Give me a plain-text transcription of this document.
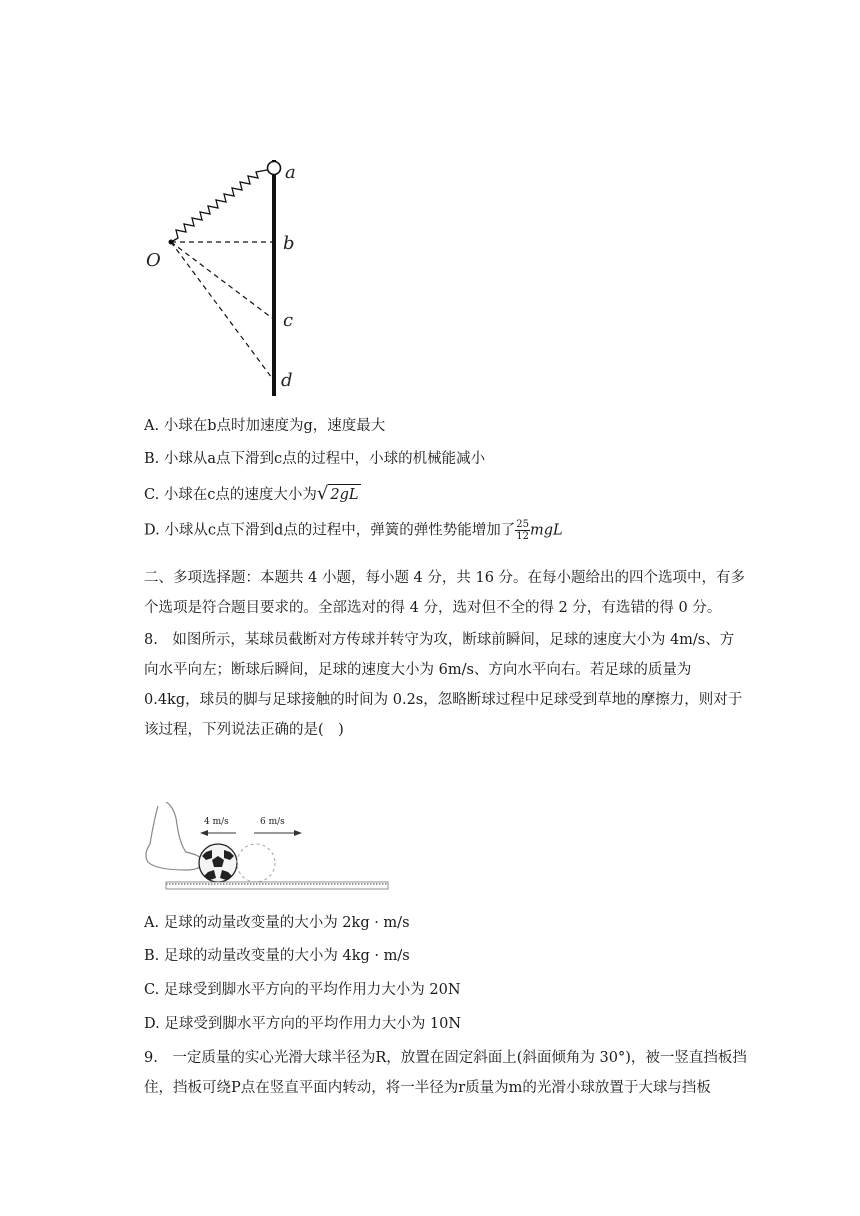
a
b
c
d
O
A. 小球在b点时加速度为g，速度最大
B. 小球从a点下滑到c点的过程中，小球的机械能减小
C. 小球在c点的速度大小为√ 2gL
D. 小球从c点下滑到d点的过程中，弹簧的弹性势能增加了 $\frac{25}{12}$ mgL
二、多项选择题：本题共 4 小题，每小题 4 分，共 16 分。在每小题给出的四个选项中，有多个选项是符合题目要求的。全部选对的得 4 分，选对但不全的得 2 分，有选错的得 0 分。
8.　如图所示，某球员截断对方传球并转守为攻，断球前瞬间，足球的速度大小为 4m/s、方向水平向左；断球后瞬间，足球的速度大小为 6m/s、方向水平向右。若足球的质量为 0.4kg，球员的脚与足球接触的时间为 0.2s，忽略断球过程中足球受到草地的摩擦力，则对于该过程，下列说法正确的是(　)
4 m/s	6 m/s
A. 足球的动量改变量的大小为 2kg · m/s
B. 足球的动量改变量的大小为 4kg · m/s
C. 足球受到脚水平方向的平均作用力大小为 20N
D. 足球受到脚水平方向的平均作用力大小为 10N
9.　一定质量的实心光滑大球半径为R，放置在固定斜面上(斜面倾角为 30°)，被一竖直挡板挡住，挡板可绕P点在竖直平面内转动，将一半径为r质量为m的光滑小球放置于大球与挡板
